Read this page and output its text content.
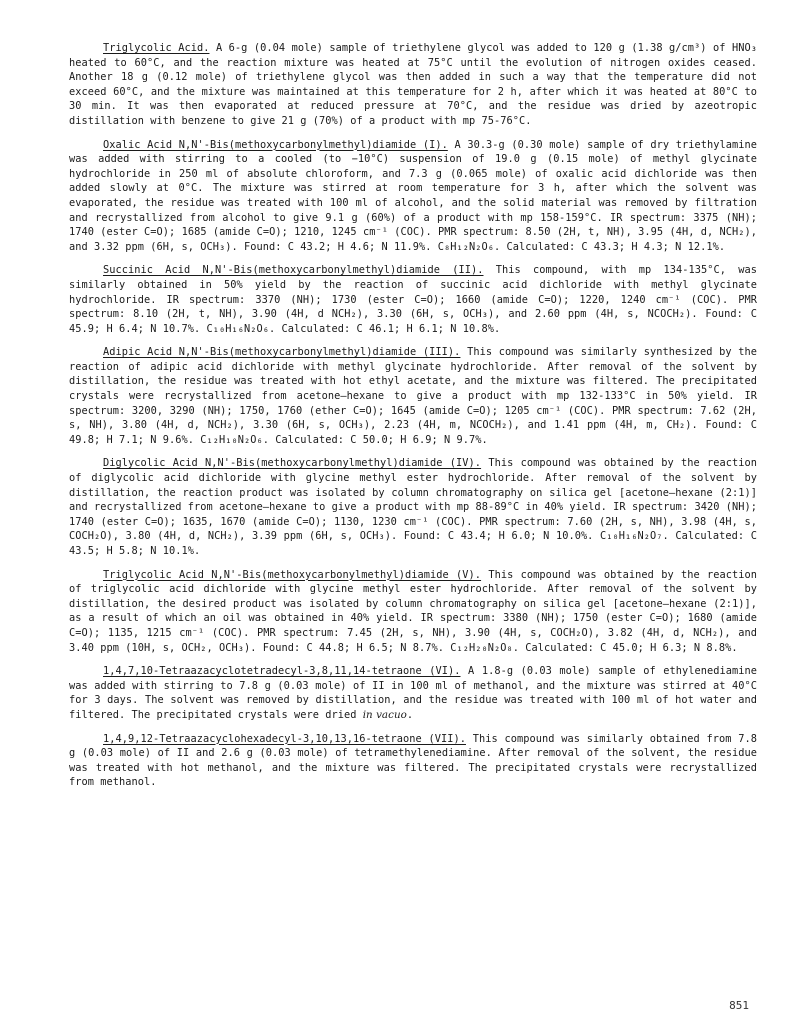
Triglycolic Acid. A 6-g (0.04 mole) sample of triethylene glycol was added to 120 g (1.38 g/cm³) of HNO₃ heated to 60°C, and the reaction mixture was heated at 75°C until the evolution of nitrogen oxides ceased. Another 18 g (0.12 mole) of triethylene glycol was then added in such a way that the temperature did not exceed 60°C, and the mixture was maintained at this temperature for 2 h, after which it was heated at 80°C to 30 min. It was then evaporated at reduced pressure at 70°C, and the residue was dried by azeotropic distillation with benzene to give 21 g (70%) of a product with mp 75-76°C.

Oxalic Acid N,N'-Bis(methoxycarbonylmethyl)diamide (I). A 30.3-g (0.30 mole) sample of dry triethylamine was added with stirring to a cooled (to −10°C) suspension of 19.0 g (0.15 mole) of methyl glycinate hydrochloride in 250 ml of absolute chloroform, and 7.3 g (0.065 mole) of oxalic acid dichloride was then added slowly at 0°C. The mixture was stirred at room temperature for 3 h, after which the solvent was evaporated, the residue was treated with 100 ml of alcohol, and the solid material was removed by filtration and recrystallized from alcohol to give 9.1 g (60%) of a product with mp 158-159°C. IR spectrum: 3375 (NH); 1740 (ester C=O); 1685 (amide C=O); 1210, 1245 cm⁻¹ (COC). PMR spectrum: 8.50 (2H, t, NH), 3.95 (4H, d, NCH₂), and 3.32 ppm (6H, s, OCH₃). Found: C 43.2; H 4.6; N 11.9%. C₈H₁₂N₂O₆. Calculated: C 43.3; H 4.3; N 12.1%.

Succinic Acid N,N'-Bis(methoxycarbonylmethyl)diamide (II). This compound, with mp 134-135°C, was similarly obtained in 50% yield by the reaction of succinic acid dichloride with methyl glycinate hydrochloride. IR spectrum: 3370 (NH); 1730 (ester C=O); 1660 (amide C=O); 1220, 1240 cm⁻¹ (COC). PMR spectrum: 8.10 (2H, t, NH), 3.90 (4H, d NCH₂), 3.30 (6H, s, OCH₃), and 2.60 ppm (4H, s, NCOCH₂). Found: C 45.9; H 6.4; N 10.7%. C₁₀H₁₆N₂O₆. Calculated: C 46.1; H 6.1; N 10.8%.

Adipic Acid N,N'-Bis(methoxycarbonylmethyl)diamide (III). This compound was similarly synthesized by the reaction of adipic acid dichloride with methyl glycinate hydrochloride. After removal of the solvent by distillation, the residue was treated with hot ethyl acetate, and the mixture was filtered. The precipitated crystals were recrystallized from acetone—hexane to give a product with mp 132-133°C in 50% yield. IR spectrum: 3200, 3290 (NH); 1750, 1760 (ether C=O); 1645 (amide C=O); 1205 cm⁻¹ (COC). PMR spectrum: 7.62 (2H, s, NH), 3.80 (4H, d, NCH₂), 3.30 (6H, s, OCH₃), 2.23 (4H, m, NCOCH₂), and 1.41 ppm (4H, m, CH₂). Found: C 49.8; H 7.1; N 9.6%. C₁₂H₁₀N₂O₆. Calculated: C 50.0; H 6.9; N 9.7%.

Diglycolic Acid N,N'-Bis(methoxycarbonylmethyl)diamide (IV). This compound was obtained by the reaction of diglycolic acid dichloride with glycine methyl ester hydrochloride. After removal of the solvent by distillation, the reaction product was isolated by column chromatography on silica gel [acetone—hexane (2:1)] and recrystallized from acetone—hexane to give a product with mp 88-89°C in 40% yield. IR spectrum: 3420 (NH); 1740 (ester C=O); 1635, 1670 (amide C=O); 1130, 1230 cm⁻¹ (COC). PMR spectrum: 7.60 (2H, s, NH), 3.98 (4H, s, COCH₂O), 3.80 (4H, d, NCH₂), 3.39 ppm (6H, s, OCH₃). Found: C 43.4; H 6.0; N 10.0%. C₁₀H₁₆N₂O₇. Calculated: C 43.5; H 5.8; N 10.1%.

Triglycolic Acid N,N'-Bis(methoxycarbonylmethyl)diamide (V). This compound was obtained by the reaction of triglycolic acid dichloride with glycine methyl ester hydrochloride. After removal of the solvent by distillation, the desired product was isolated by column chromatography on silica gel [acetone—hexane (2:1)], as a result of which an oil was obtained in 40% yield. IR spectrum: 3380 (NH); 1750 (ester C=O); 1680 (amide C=O); 1135, 1215 cm⁻¹ (COC). PMR spectrum: 7.45 (2H, s, NH), 3.90 (4H, s, COCH₂O), 3.82 (4H, d, NCH₂), and 3.40 ppm (10H, s, OCH₂, OCH₃). Found: C 44.8; H 6.5; N 8.7%. C₁₂H₂₀N₂O₈. Calculated: C 45.0; H 6.3; N 8.8%.

1,4,7,10-Tetraazacyclotetradecyl-3,8,11,14-tetraone (VI). A 1.8-g (0.03 mole) sample of ethylenediamine was added with stirring to 7.8 g (0.03 mole) of II in 100 ml of methanol, and the mixture was stirred at 40°C for 3 days. The solvent was removed by distillation, and the residue was treated with 100 ml of hot water and filtered. The precipitated crystals were dried in vacuo.

1,4,9,12-Tetraazacyclohexadecyl-3,10,13,16-tetraone (VII). This compound was similarly obtained from 7.8 g (0.03 mole) of II and 2.6 g (0.03 mole) of tetramethylenediamine. After removal of the solvent, the residue was treated with hot methanol, and the mixture was filtered. The precipitated crystals were recrystallized from methanol.

851
